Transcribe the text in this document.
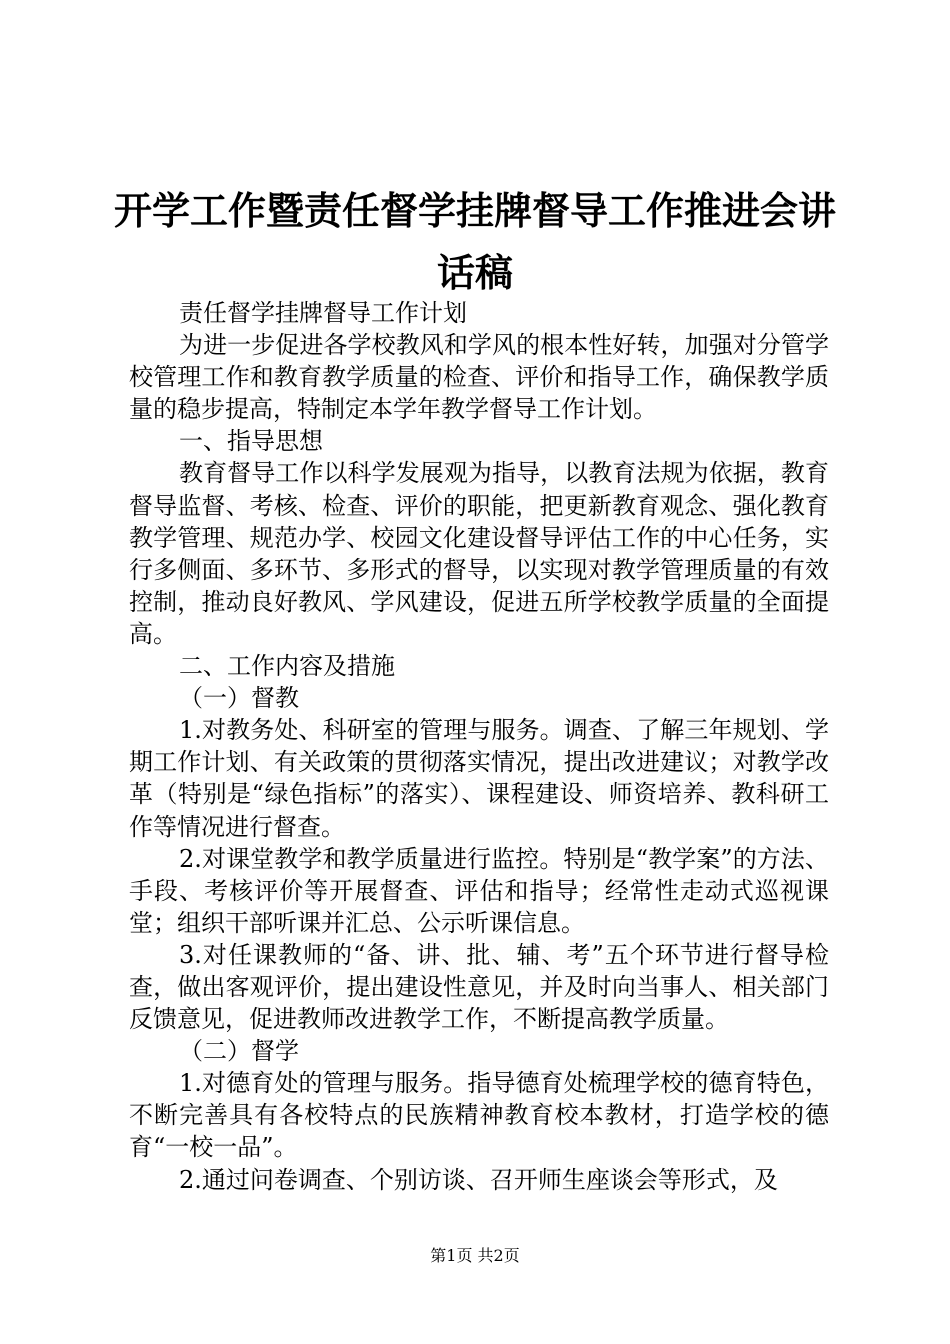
开学工作暨责任督学挂牌督导工作推进会讲话稿

责任督学挂牌督导工作计划

为进一步促进各学校教风和学风的根本性好转，加强对分管学校管理工作和教育教学质量的检查、评价和指导工作，确保教学质量的稳步提高，特制定本学年教学督导工作计划。

一、指导思想

教育督导工作以科学发展观为指导，以教育法规为依据，教育督导监督、考核、检查、评价的职能，把更新教育观念、强化教育教学管理、规范办学、校园文化建设督导评估工作的中心任务，实行多侧面、多环节、多形式的督导，以实现对教学管理质量的有效控制，推动良好教风、学风建设，促进五所学校教学质量的全面提高。

二、工作内容及措施

（一）督教

1.对教务处、科研室的管理与服务。调查、了解三年规划、学期工作计划、有关政策的贯彻落实情况，提出改进建议；对教学改革（特别是“绿色指标”的落实）、课程建设、师资培养、教科研工作等情况进行督查。

2.对课堂教学和教学质量进行监控。特别是“教学案”的方法、手段、考核评价等开展督查、评估和指导；经常性走动式巡视课堂；组织干部听课并汇总、公示听课信息。

3.对任课教师的“备、讲、批、辅、考”五个环节进行督导检查，做出客观评价，提出建设性意见，并及时向当事人、相关部门反馈意见，促进教师改进教学工作，不断提高教学质量。

（二）督学

1.对德育处的管理与服务。指导德育处梳理学校的德育特色，不断完善具有各校特点的民族精神教育校本教材，打造学校的德育“一校一品”。

2.通过问卷调查、个别访谈、召开师生座谈会等形式，及

第1页 共2页
